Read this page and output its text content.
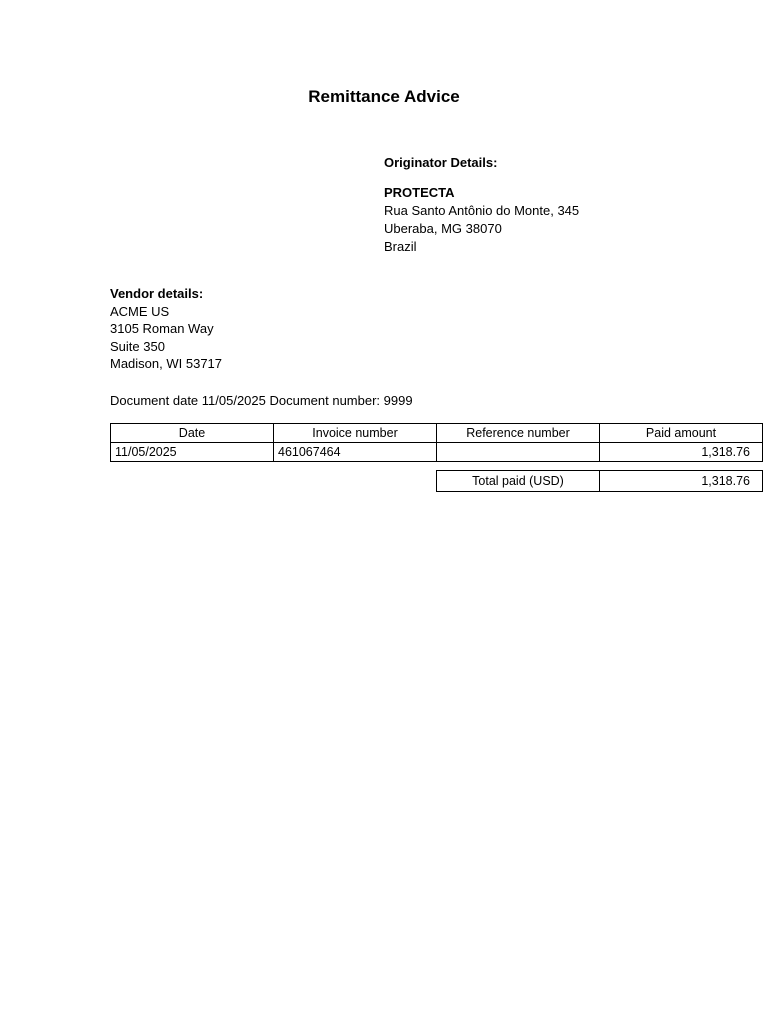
Remittance Advice
Originator Details:
PROTECTA
Rua Santo Antônio do Monte, 345
Uberaba, MG 38070
Brazil
Vendor details:
ACME US
3105 Roman Way
Suite 350
Madison, WI 53717
Document date 11/05/2025 Document number: 9999
Date	Invoice number	Reference number	Paid amount
11/05/2025	461067464		1,318.76
Total paid (USD)	1,318.76
